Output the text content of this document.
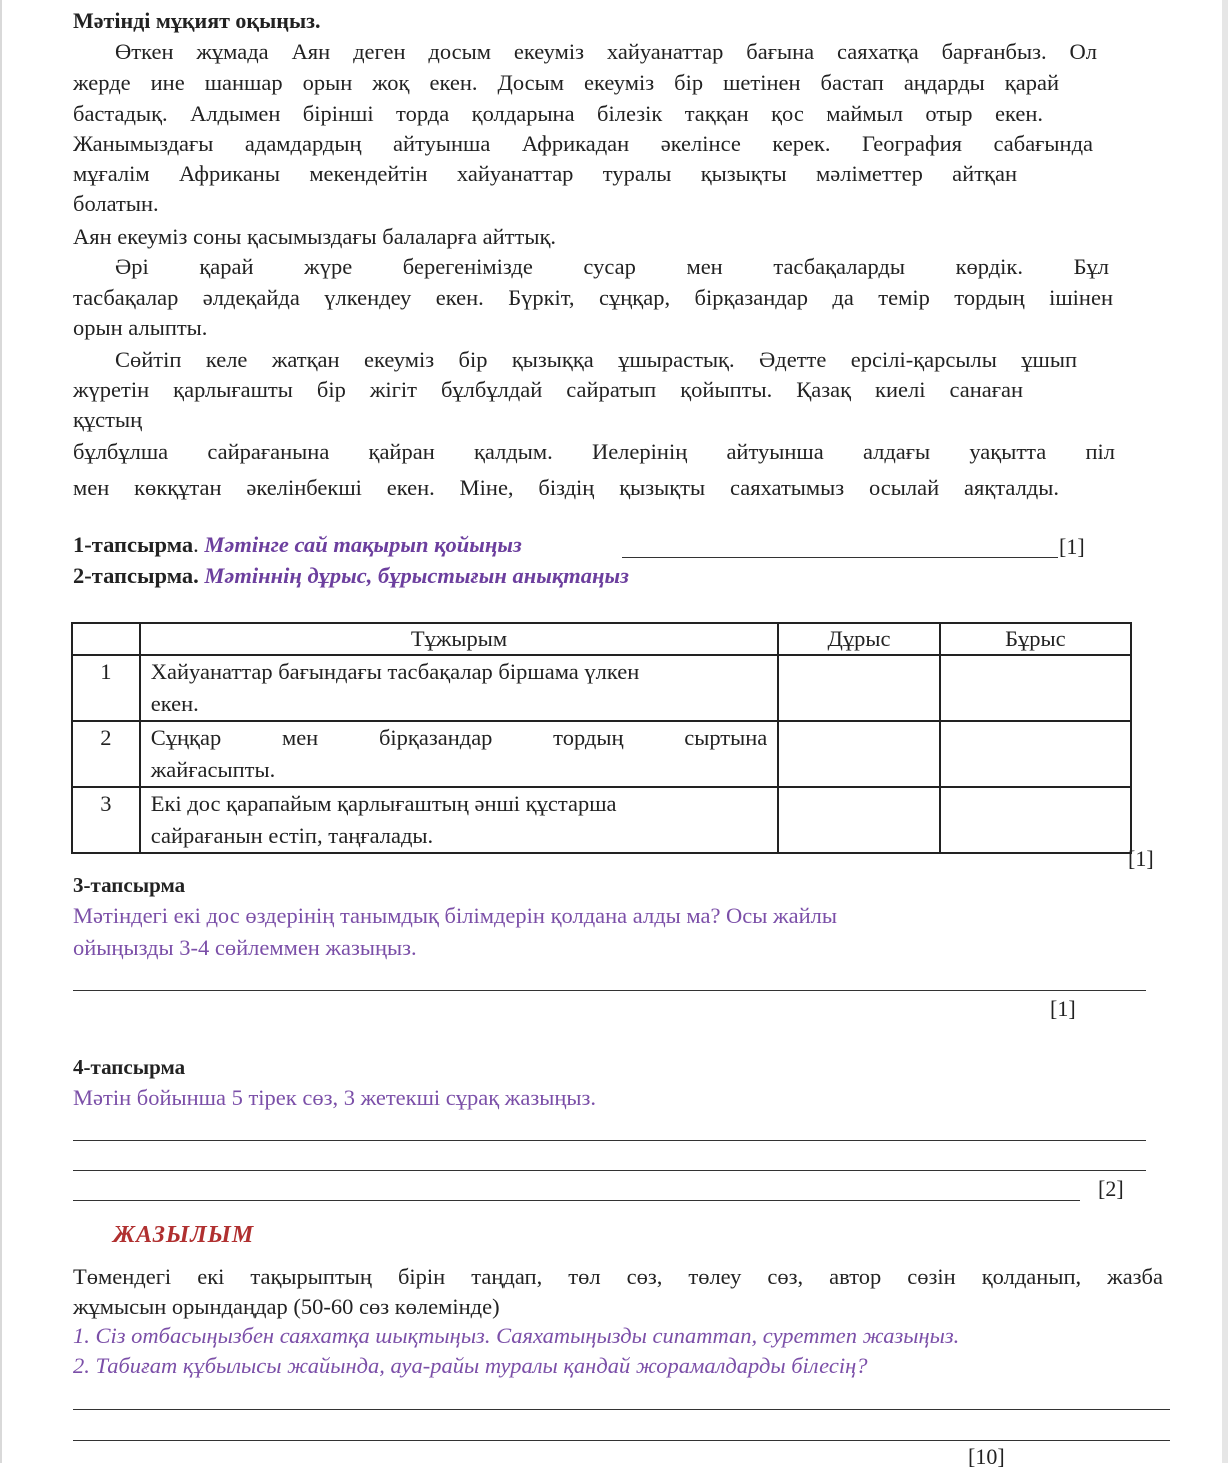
Мәтінді мұқият оқыңыз.
Өткен жұмада Аян деген досым екеуміз хайуанаттар бағына саяхатқа барғанбыз. Ол
жерде ине шаншар орын жоқ екен. Досым екеуміз бір шетінен бастап аңдарды қарай
бастадық. Алдымен бірінші торда қолдарына білезік таққан қос маймыл отыр екен.
Жанымыздағы адамдардың айтуынша Африкадан әкелінсе керек. География сабағында
мұғалім Африканы мекендейтін хайуанаттар туралы қызықты мәліметтер айтқан
болатын.
Аян екеуміз соны қасымыздағы балаларға айттық.
Әрі қарай жүре берегенімізде сусар мен тасбақаларды көрдік. Бұл
тасбақалар әлдеқайда үлкендеу екен. Бүркіт, сұңқар, бірқазандар да темір тордың ішінен
орын алыпты.
Сөйтіп келе жатқан екеуміз бір қызыққа ұшырастық. Әдетте ерсілі-қарсылы ұшып
жүретін қарлығашты бір жігіт бұлбұлдай сайратып қойыпты. Қазақ киелі санаған
құстың
бұлбұлша сайрағанына қайран қалдым. Иелерінің айтуынша алдағы уақытта піл
мен көкқұтан әкелінбекші екен. Міне, біздің қызықты саяхатымыз осылай аяқталды.
1-тапсырма. Мәтінге сай тақырып қойыңыз	[1]
2-тапсырма. Мәтіннің дұрыс, бұрыстығын анықтаңыз
	Тұжырым	Дұрыс	Бұрыс
1	Хайуанаттар бағындағы тасбақалар біршама үлкен
екен.		
2	Сұңқар мен бірқазандар тордың сыртына
жайғасыпты.		
3	Екі дос қарапайым қарлығаштың әнші құстарша
сайрағанын естіп, таңғалады.		
[1]
3-тапсырма
Мәтіндегі екі дос өздерінің танымдық білімдерін қолдана алды ма? Осы жайлы
ойыңызды 3-4 сөйлеммен жазыңыз.
[1]
4-тапсырма
Мәтін бойынша 5 тірек сөз, 3 жетекші сұрақ жазыңыз.
[2]
ЖАЗЫЛЫМ
Төмендегі екі тақырыптың бірін таңдап, төл сөз, төлеу сөз, автор сөзін қолданып, жазба
жұмысын орындаңдар (50-60 сөз көлемінде)
1. Сіз отбасыңызбен саяхатқа шықтыңыз. Саяхатыңызды сипаттап, суреттеп жазыңыз.
2. Табиғат құбылысы жайында, ауа-райы туралы қандай жорамалдарды білесің?
[10]
